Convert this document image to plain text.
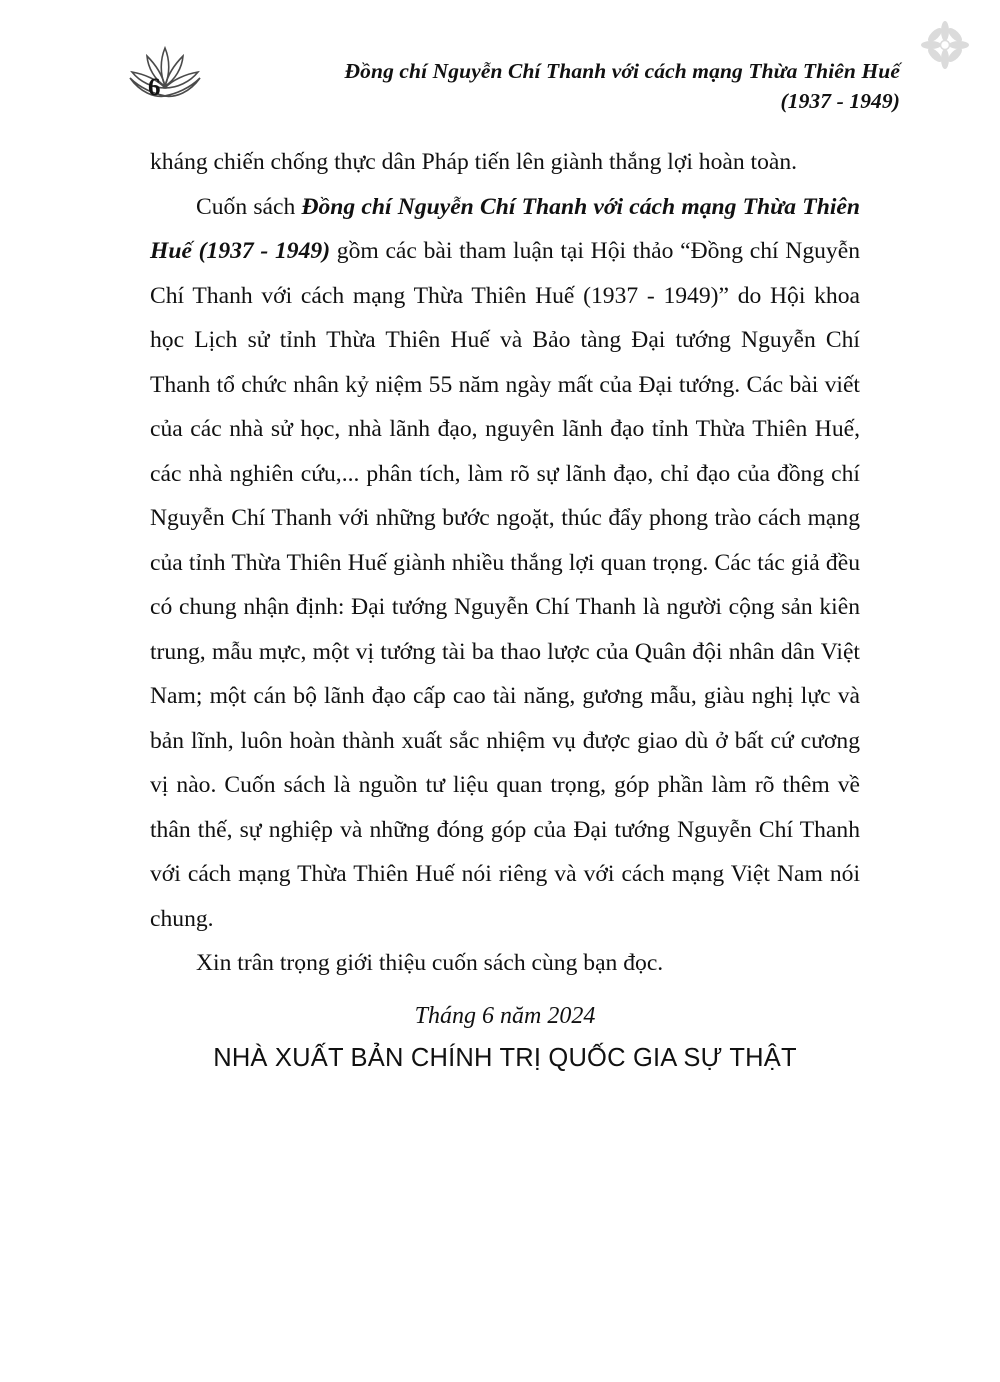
6
Đồng chí Nguyễn Chí Thanh với cách mạng Thừa Thiên Huế
(1937 - 1949)

kháng chiến chống thực dân Pháp tiến lên giành thắng lợi hoàn toàn.

Cuốn sách Đồng chí Nguyễn Chí Thanh với cách mạng Thừa Thiên Huế (1937 - 1949) gồm các bài tham luận tại Hội thảo “Đồng chí Nguyễn Chí Thanh với cách mạng Thừa Thiên Huế (1937 - 1949)” do Hội khoa học Lịch sử tỉnh Thừa Thiên Huế và Bảo tàng Đại tướng Nguyễn Chí Thanh tổ chức nhân kỷ niệm 55 năm ngày mất của Đại tướng. Các bài viết của các nhà sử học, nhà lãnh đạo, nguyên lãnh đạo tỉnh Thừa Thiên Huế, các nhà nghiên cứu,... phân tích, làm rõ sự lãnh đạo, chỉ đạo của đồng chí Nguyễn Chí Thanh với những bước ngoặt, thúc đẩy phong trào cách mạng của tỉnh Thừa Thiên Huế giành nhiều thắng lợi quan trọng. Các tác giả đều có chung nhận định: Đại tướng Nguyễn Chí Thanh là người cộng sản kiên trung, mẫu mực, một vị tướng tài ba thao lược của Quân đội nhân dân Việt Nam; một cán bộ lãnh đạo cấp cao tài năng, gương mẫu, giàu nghị lực và bản lĩnh, luôn hoàn thành xuất sắc nhiệm vụ được giao dù ở bất cứ cương vị nào. Cuốn sách là nguồn tư liệu quan trọng, góp phần làm rõ thêm về thân thế, sự nghiệp và những đóng góp của Đại tướng Nguyễn Chí Thanh với cách mạng Thừa Thiên Huế nói riêng và với cách mạng Việt Nam nói chung.

Xin trân trọng giới thiệu cuốn sách cùng bạn đọc.

Tháng 6 năm 2024
NHÀ XUẤT BẢN CHÍNH TRỊ QUỐC GIA SỰ THẬT
